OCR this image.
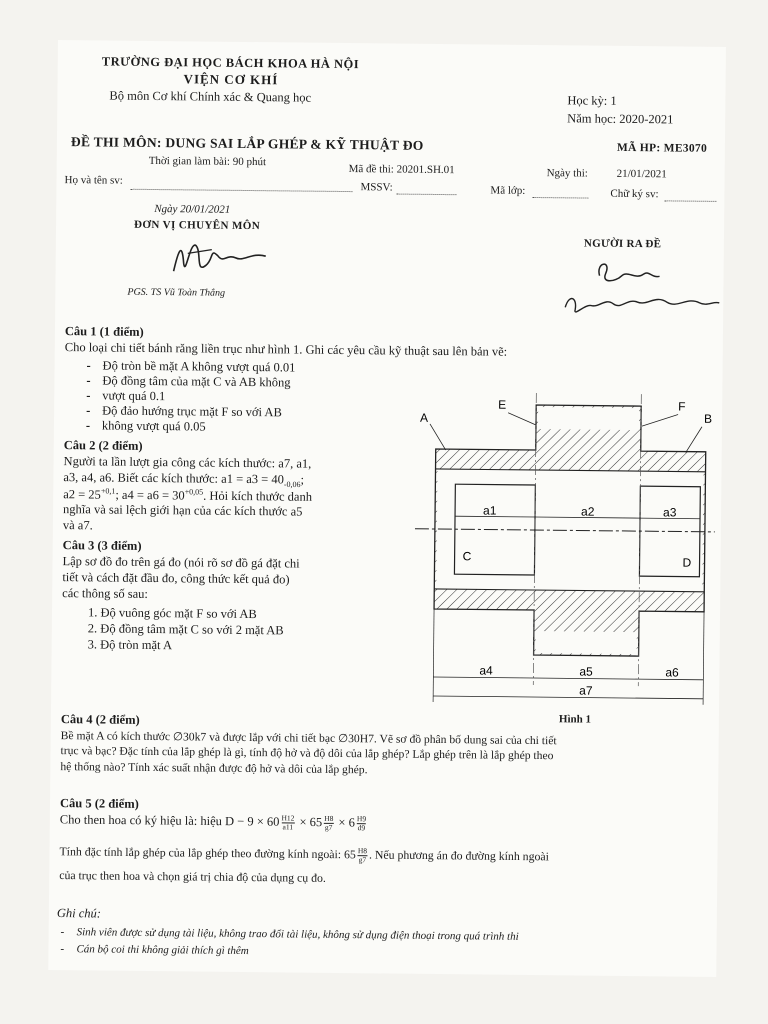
TRƯỜNG ĐẠI HỌC BÁCH KHOA HÀ NỘI
VIỆN CƠ KHÍ
Bộ môn Cơ khí Chính xác & Quang học	Học kỳ: 1
Năm học: 2020-2021
ĐỀ THI MÔN: DUNG SAI LẮP GHÉP & KỸ THUẬT ĐO	MÃ HP: ME3070
Thời gian làm bài: 90 phút
Mã đề thi: 20201.SH.01	Ngày thi:	21/01/2021
Họ và tên sv:
MSSV:	Mã lớp:	Chữ ký sv:
Ngày 20/01/2021
ĐƠN VỊ CHUYÊN MÔN
PGS. TS Vũ Toàn Thắng
NGƯỜI RA ĐỀ
Câu 1 (1 điểm)
Cho loại chi tiết bánh răng liền trục như hình 1. Ghi các yêu cầu kỹ thuật sau lên bản vẽ:
- Độ tròn bề mặt A không vượt quá 0.01
- Độ đồng tâm của mặt C và AB không
- vượt quá 0.1
- Độ đảo hướng trục mặt F so với AB
- không vượt quá 0.05
Câu 2 (2 điểm)
Người ta lần lượt gia công các kích thước: a7, a1,
a3, a4, a6. Biết các kích thước: $a1 = a3 = 40_{-0,06}$;
$a2 = 25^{+0,1}$; $a4 = a6 = 30^{+0,05}$. Hỏi kích thước danh
nghĩa và sai lệch giới hạn của các kích thước a5
và a7.
Câu 3 (3 điểm)
Lập sơ đồ đo trên gá đo (nói rõ sơ đồ gá đặt chi
tiết và cách đặt đầu đo, công thức kết quả đo)
các thông số sau:
1. Độ vuông góc mặt F so với AB
2. Độ đồng tâm mặt C so với 2 mặt AB
3. Độ tròn mặt A
A
E	F
B
a1	a2	a3
C	D
a4	a5	a6
a7
Hình 1
Câu 4 (2 điểm)
Bề mặt A có kích thước ∅30k7 và được lắp với chi tiết bạc ∅30H7. Vẽ sơ đồ phân bố dung sai của chi tiết
trục và bạc? Đặc tính của lắp ghép là gì, tính độ hở và độ dôi của lắp ghép? Lắp ghép trên là lắp ghép theo
hệ thống nào? Tính xác suất nhận được độ hở và dôi của lắp ghép.
Câu 5 (2 điểm)
Cho then hoa có ký hiệu là: hiệu $D - 9 \times 60 \frac{H12}{a11} \times 65 \frac{H8}{g7} \times 6 \frac{H9}{d9}$
Tính đặc tính lắp ghép của lắp ghép theo đường kính ngoài: $65 \frac{H8}{g7}$ . Nếu phương án đo đường kính ngoài
của trục then hoa và chọn giá trị chia độ của dụng cụ đo.
Ghi chú:
- Sinh viên được sử dụng tài liệu, không trao đổi tài liệu, không sử dụng điện thoại trong quá trình thi
- Cán bộ coi thi không giải thích gì thêm
